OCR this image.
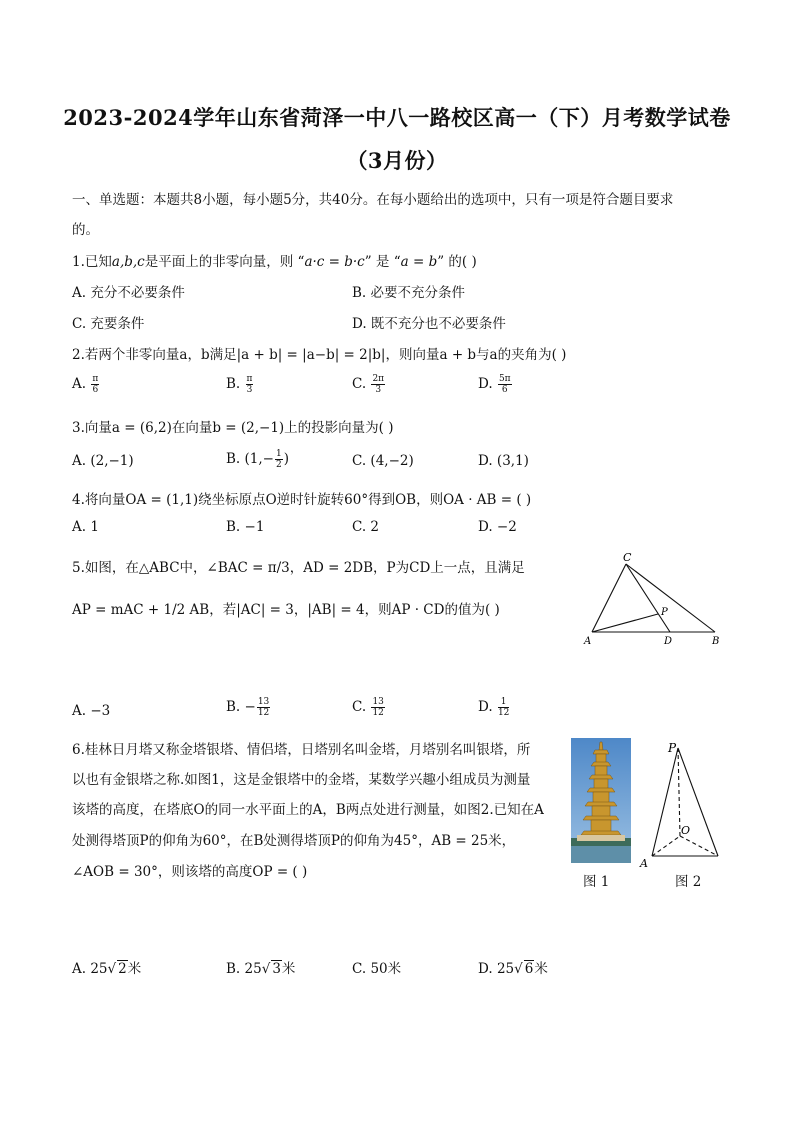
2023-2024学年山东省菏泽一中八一路校区高一（下）月考数学试卷
（3月份）
一、单选题：本题共8小题，每小题5分，共40分。在每小题给出的选项中，只有一项是符合题目要求
的。
1.已知a,b,c是平面上的非零向量，则 “a·c = b·c” 是 “a = b” 的( )
A. 充分不必要条件	B. 必要不充分条件
C. 充要条件	D. 既不充分也不必要条件
2.若两个非零向量a，b满足|a + b| = |a−b| = 2|b|，则向量a + b与a的夹角为( )
A. $\frac{\pi}{6}$	B. $\frac{\pi}{3}$	C. $\frac{2\pi}{3}$	D. $\frac{5\pi}{6}$
3.向量a = (6,2)在向量b = (2,−1)上的投影向量为( )
A. (2,−1)	B. ($1,- \frac{1}{2}$ )	C. (4,−2)	D. (3,1)
4.将向量OA = (1,1)绕坐标原点O逆时针旋转60°得到OB，则OA · AB = ( )
A. 1	B. −1	C. 2	D. −2
5.如图，在△ABC中，∠BAC = π/3，AD = 2DB，P为CD上一点，且满足
AP = mAC + 1/2 AB，若|AC| = 3，|AB| = 4，则AP · CD的值为( )
C
P
A	D	B
A. −3	B. − $\frac{13}{12}$	C. $\frac{13}{12}$	D. $\frac{1}{12}$
6.桂林日月塔又称金塔银塔、情侣塔，日塔别名叫金塔，月塔别名叫银塔，所
以也有金银塔之称.如图1，这是金银塔中的金塔，某数学兴趣小组成员为测量
该塔的高度，在塔底O的同一水平面上的A，B两点处进行测量，如图2.已知在A
处测得塔顶P的仰角为60°，在B处测得塔顶P的仰角为45°，AB = 25米，
∠AOB = 30°，则该塔的高度OP = ( )
图 1
P
O
A
图 2
A. 25√ 2米	B. 25√ 3米	C. 50米	D. 25√ 6米
